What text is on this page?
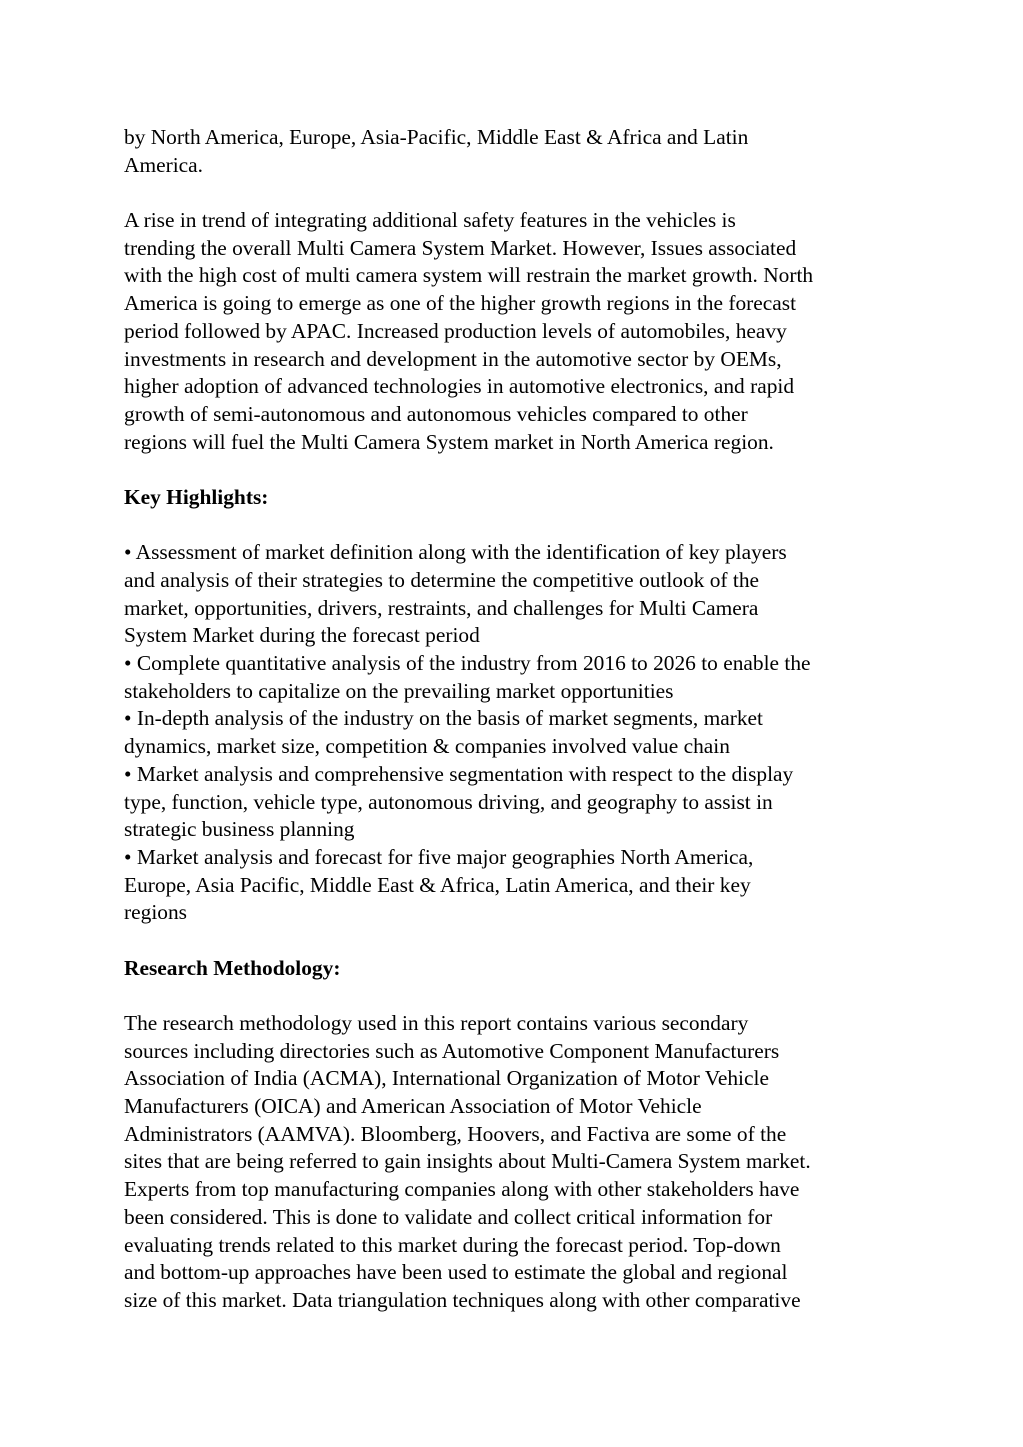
by North America, Europe, Asia-Pacific, Middle East & Africa and Latin
America.
A rise in trend of integrating additional safety features in the vehicles is
trending the overall Multi Camera System Market. However, Issues associated
with the high cost of multi camera system will restrain the market growth. North
America is going to emerge as one of the higher growth regions in the forecast
period followed by APAC. Increased production levels of automobiles, heavy
investments in research and development in the automotive sector by OEMs,
higher adoption of advanced technologies in automotive electronics, and rapid
growth of semi-autonomous and autonomous vehicles compared to other
regions will fuel the Multi Camera System market in North America region.
Key Highlights:
• Assessment of market definition along with the identification of key players
and analysis of their strategies to determine the competitive outlook of the
market, opportunities, drivers, restraints, and challenges for Multi Camera
System Market during the forecast period
• Complete quantitative analysis of the industry from 2016 to 2026 to enable the
stakeholders to capitalize on the prevailing market opportunities
• In-depth analysis of the industry on the basis of market segments, market
dynamics, market size, competition & companies involved value chain
• Market analysis and comprehensive segmentation with respect to the display
type, function, vehicle type, autonomous driving, and geography to assist in
strategic business planning
• Market analysis and forecast for five major geographies North America,
Europe, Asia Pacific, Middle East & Africa, Latin America, and their key
regions
Research Methodology:
The research methodology used in this report contains various secondary
sources including directories such as Automotive Component Manufacturers
Association of India (ACMA), International Organization of Motor Vehicle
Manufacturers (OICA) and American Association of Motor Vehicle
Administrators (AAMVA). Bloomberg, Hoovers, and Factiva are some of the
sites that are being referred to gain insights about Multi-Camera System market.
Experts from top manufacturing companies along with other stakeholders have
been considered. This is done to validate and collect critical information for
evaluating trends related to this market during the forecast period. Top-down
and bottom-up approaches have been used to estimate the global and regional
size of this market. Data triangulation techniques along with other comparative
